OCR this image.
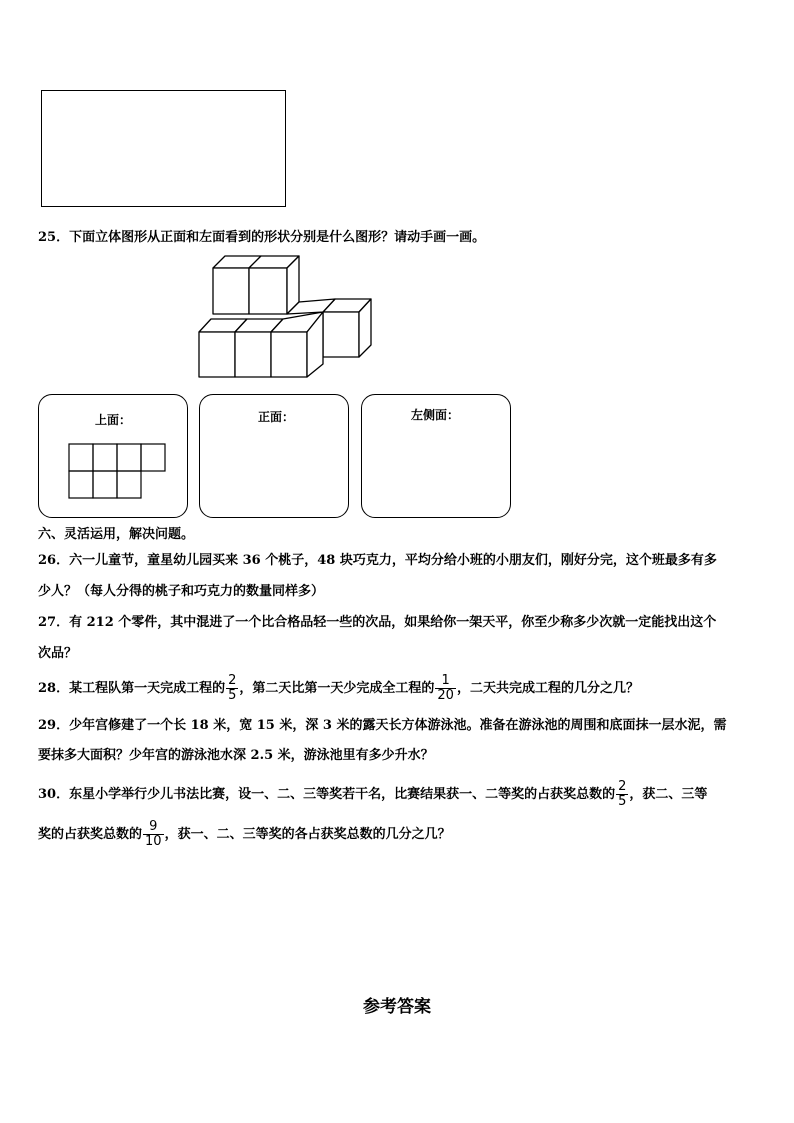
25．下面立体图形从正面和左面看到的形状分别是什么图形？请动手画一画。
上面：	正面：	左侧面：
六、灵活运用，解决问题。
26．六一儿童节，童星幼儿园买来 36 个桃子，48 块巧克力，平均分给小班的小朋友们，刚好分完，这个班最多有多
少人？（每人分得的桃子和巧克力的数量同样多）
27．有 212 个零件，其中混进了一个比合格品轻一些的次品，如果给你一架天平，你至少称多少次就一定能找出这个
次品？
28．某工程队第一天完成工程的 $\frac{2}{5}$ ，第二天比第一天少完成全工程的 $\frac{1}{20}$ ，二天共完成工程的几分之几？
29．少年宫修建了一个长 18 米，宽 15 米，深 3 米的露天长方体游泳池。准备在游泳池的周围和底面抹一层水泥，需
要抹多大面积？少年宫的游泳池水深 2.5 米，游泳池里有多少升水？
30．东星小学举行少儿书法比赛，设一、二、三等奖若干名，比赛结果获一、二等奖的占获奖总数的 $\frac{2}{5}$ ，获二、三等
奖的占获奖总数的 $\frac{9}{10}$ ，获一、二、三等奖的各占获奖总数的几分之几？
参考答案
